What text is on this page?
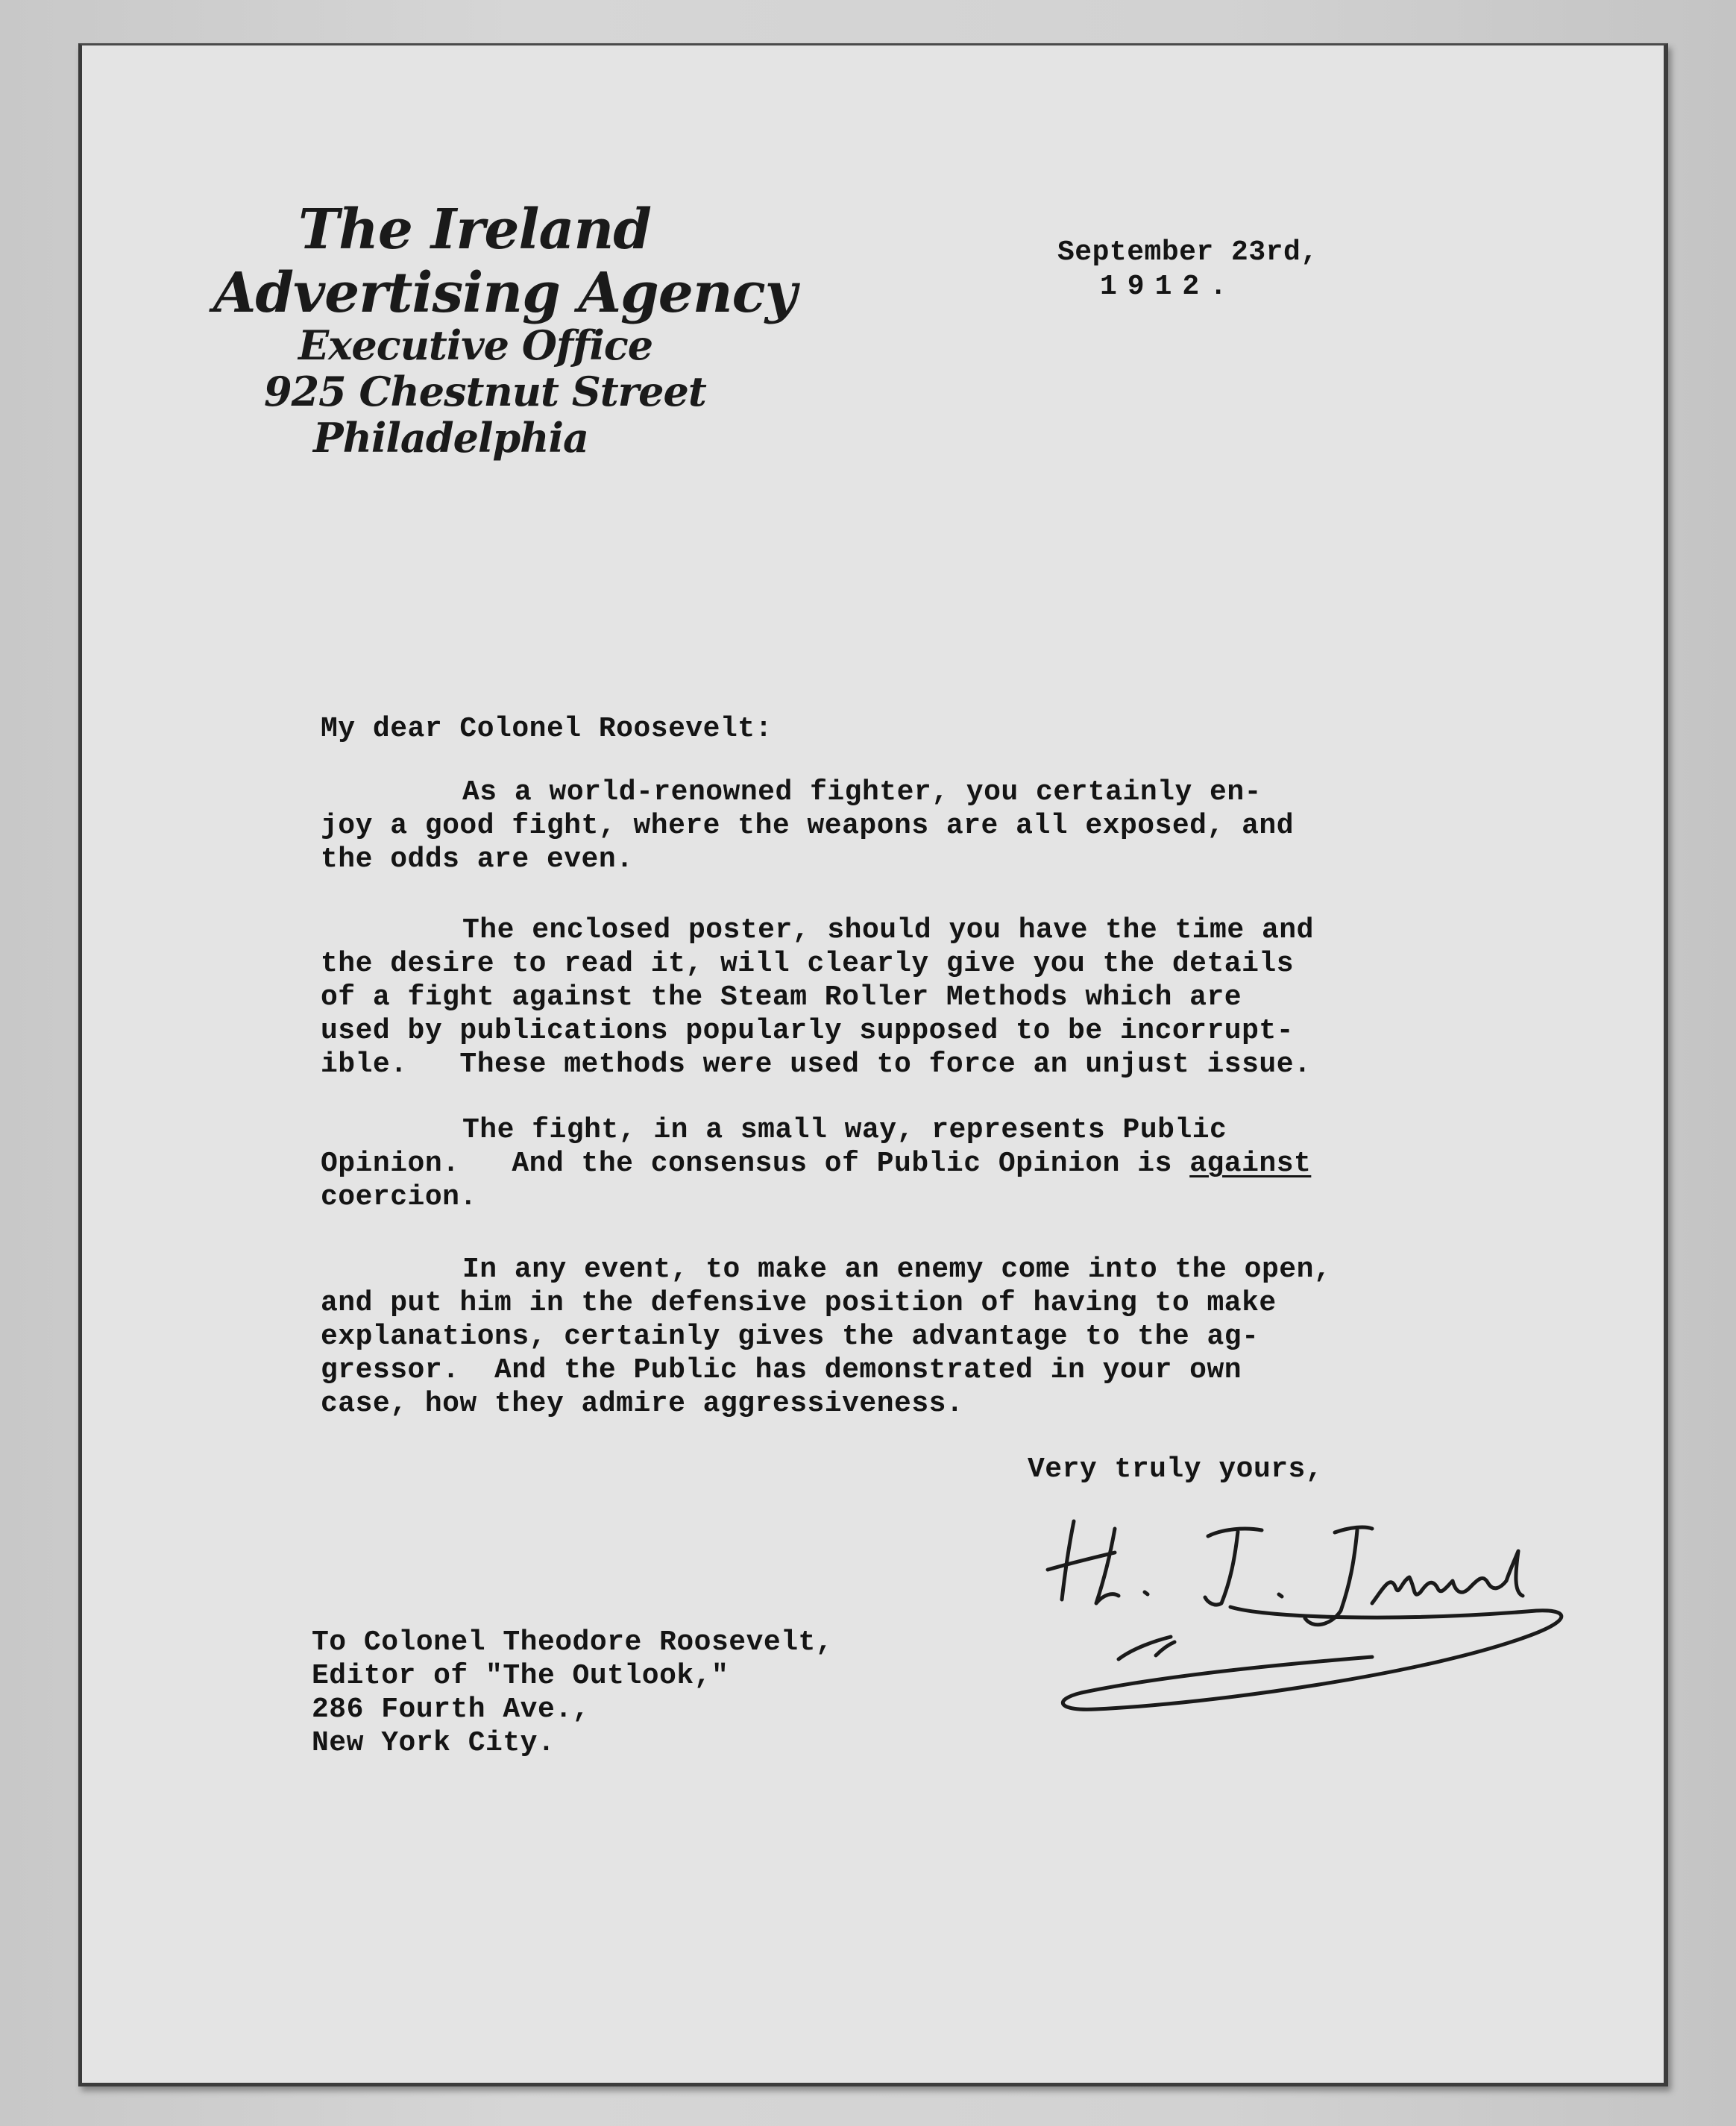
The Ireland
Advertising Agency
Executive Office
925 Chestnut Street
Philadelphia
September 23rd,
1912.
My dear Colonel Roosevelt:
As a world-renowned fighter, you certainly en-
joy a good fight, where the weapons are all exposed, and
the odds are even.
The enclosed poster, should you have the time and
the desire to read it, will clearly give you the details
of a fight against the Steam Roller Methods which are
used by publications popularly supposed to be incorrupt-
ible.   These methods were used to force an unjust issue.
The fight, in a small way, represents Public
Opinion.   And the consensus of Public Opinion is against
coercion.
In any event, to make an enemy come into the open,
and put him in the defensive position of having to make
explanations, certainly gives the advantage to the ag-
gressor.  And the Public has demonstrated in your own
case, how they admire aggressiveness.
Very truly yours,
To Colonel Theodore Roosevelt,
Editor of "The Outlook,"
286 Fourth Ave.,
New York City.
